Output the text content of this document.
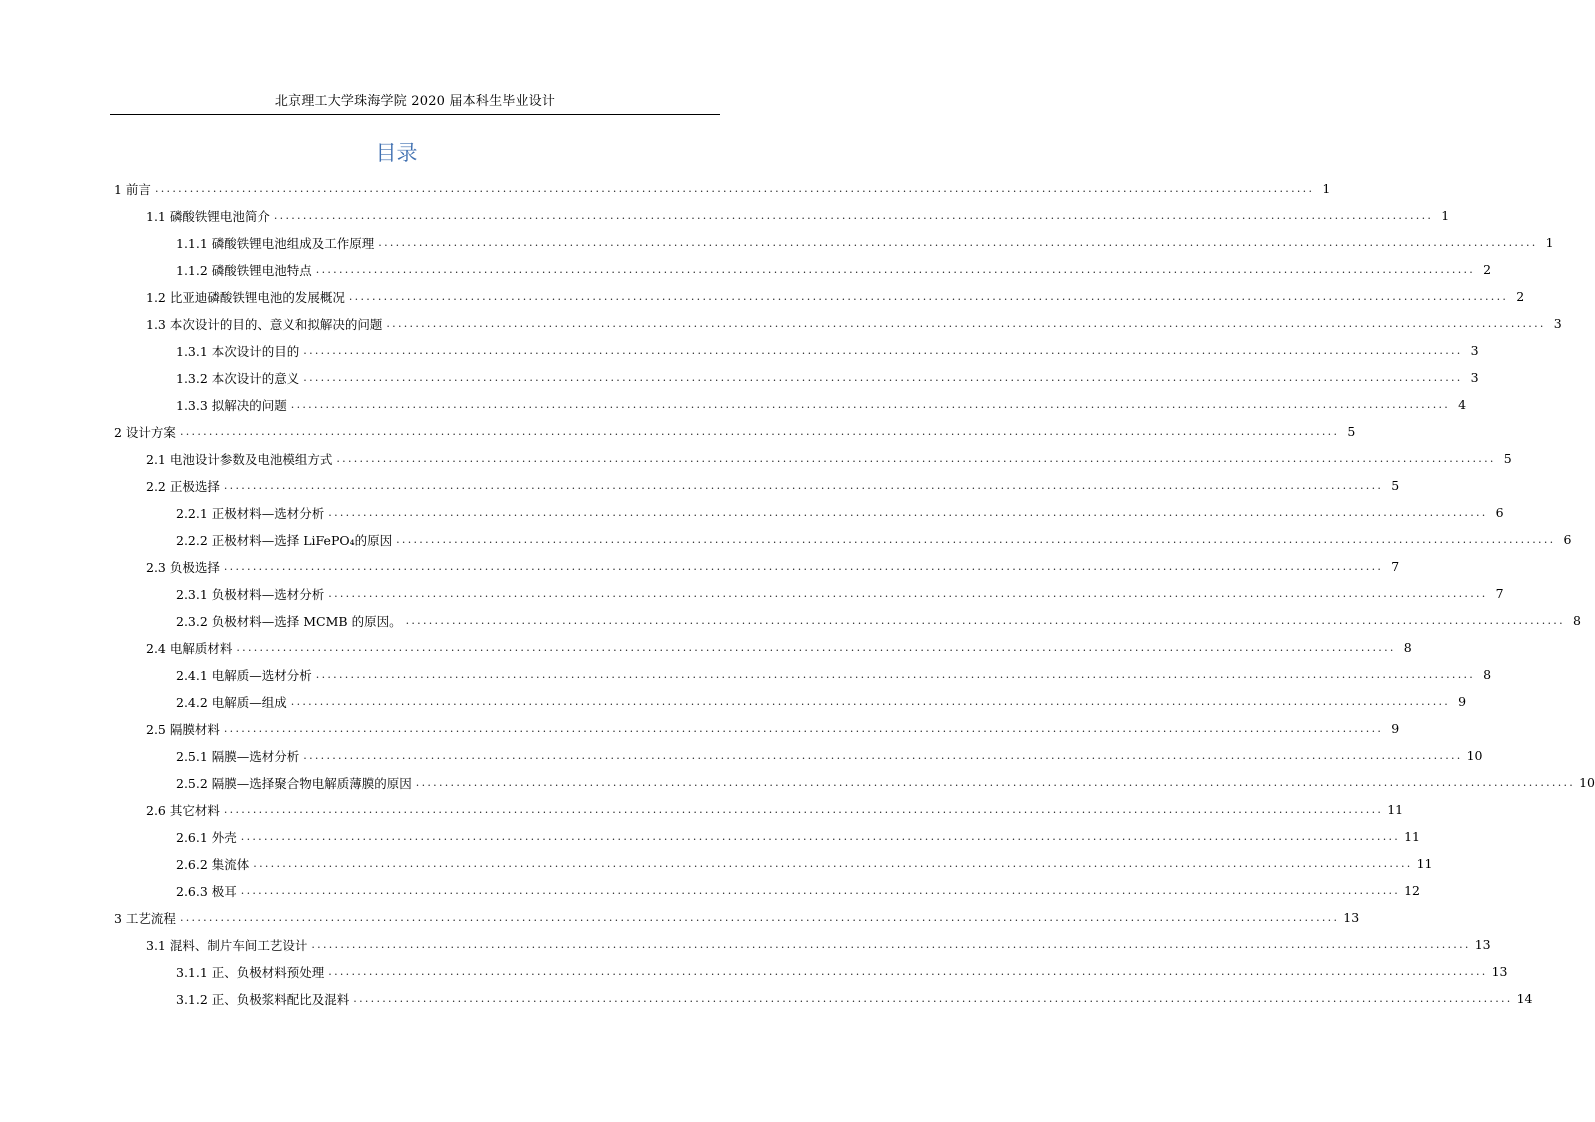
北京理工大学珠海学院 2020 届本科生毕业设计
目录
1 前言 ........................................................................................................................................................................................................ 1
1.1 磷酸铁锂电池简介 ........................................................................................................................................................................................................ 1
1.1.1 磷酸铁锂电池组成及工作原理 ........................................................................................................................................................................................................ 1
1.1.2 磷酸铁锂电池特点 ........................................................................................................................................................................................................ 2
1.2 比亚迪磷酸铁锂电池的发展概况 ........................................................................................................................................................................................................ 2
1.3 本次设计的目的、意义和拟解决的问题 ........................................................................................................................................................................................................ 3
1.3.1 本次设计的目的 ........................................................................................................................................................................................................ 3
1.3.2 本次设计的意义 ........................................................................................................................................................................................................ 3
1.3.3 拟解决的问题 ........................................................................................................................................................................................................ 4
2 设计方案 ........................................................................................................................................................................................................ 5
2.1 电池设计参数及电池模组方式 ........................................................................................................................................................................................................ 5
2.2 正极选择 ........................................................................................................................................................................................................ 5
2.2.1 正极材料—选材分析 ........................................................................................................................................................................................................ 6
2.2.2 正极材料—选择 LiFePO₄的原因 ........................................................................................................................................................................................................ 6
2.3 负极选择 ........................................................................................................................................................................................................ 7
2.3.1 负极材料—选材分析 ........................................................................................................................................................................................................ 7
2.3.2 负极材料—选择 MCMB 的原因。 ........................................................................................................................................................................................................ 8
2.4 电解质材料 ........................................................................................................................................................................................................ 8
2.4.1 电解质—选材分析 ........................................................................................................................................................................................................ 8
2.4.2 电解质—组成 ........................................................................................................................................................................................................ 9
2.5 隔膜材料 ........................................................................................................................................................................................................ 9
2.5.1 隔膜—选材分析 ........................................................................................................................................................................................................ 10
2.5.2 隔膜—选择聚合物电解质薄膜的原因 ........................................................................................................................................................................................................ 10
2.6 其它材料 ........................................................................................................................................................................................................ 11
2.6.1 外壳 ........................................................................................................................................................................................................ 11
2.6.2 集流体 ........................................................................................................................................................................................................ 11
2.6.3 极耳 ........................................................................................................................................................................................................ 12
3 工艺流程 ........................................................................................................................................................................................................ 13
3.1 混料、制片车间工艺设计 ........................................................................................................................................................................................................ 13
3.1.1 正、负极材料预处理 ........................................................................................................................................................................................................ 13
3.1.2 正、负极浆料配比及混料 ........................................................................................................................................................................................................ 14
